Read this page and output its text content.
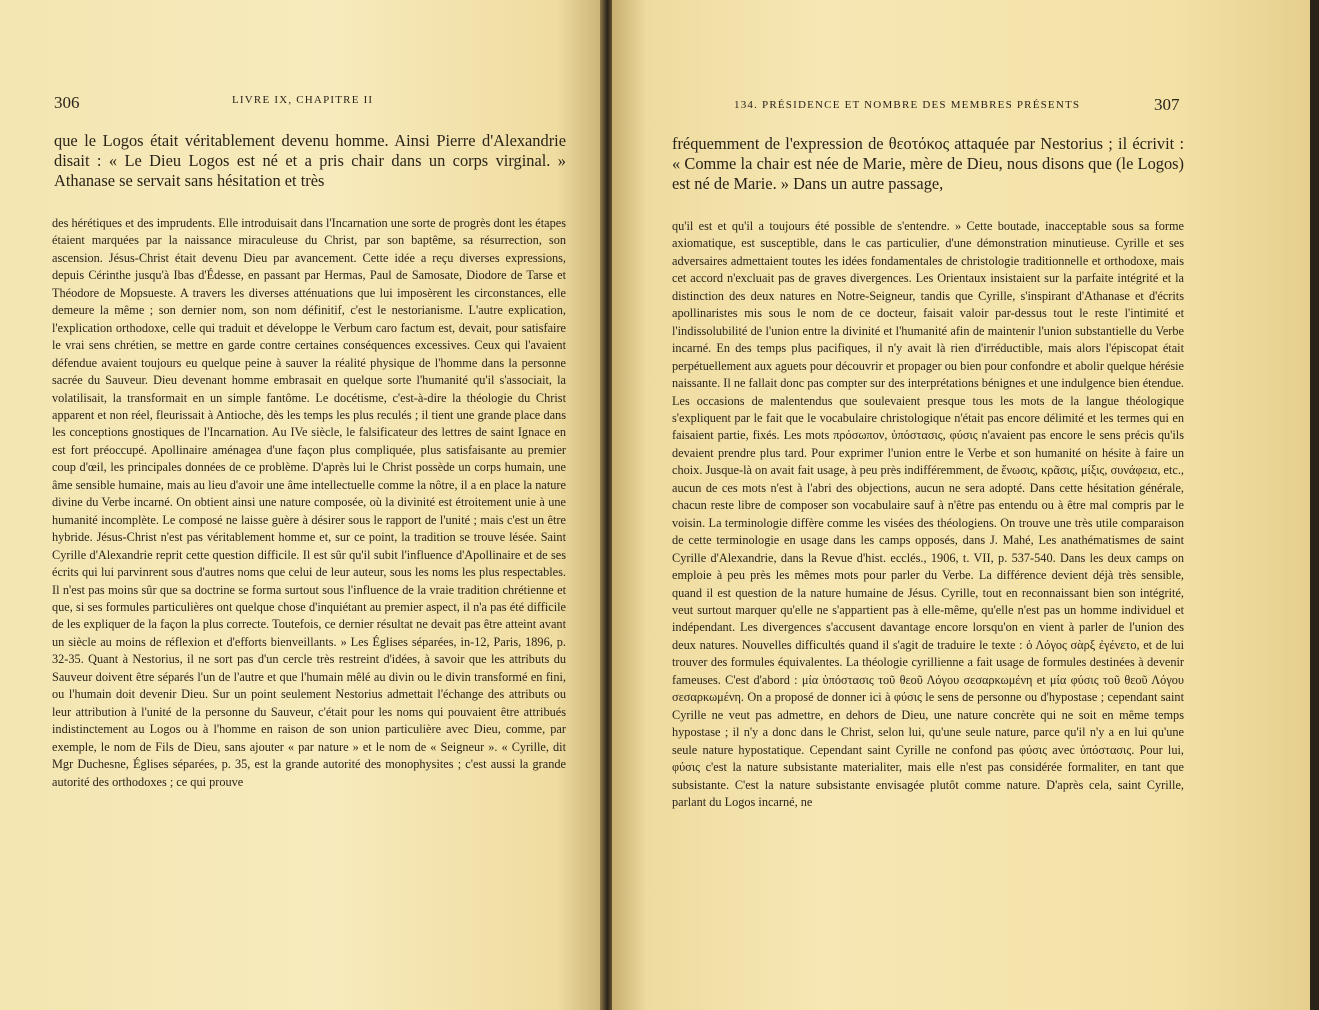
306	LIVRE IX, CHAPITRE II

que le Logos était véritablement devenu homme. Ainsi Pierre d'Alexandrie disait : « Le Dieu Logos est né et a pris chair dans un corps virginal. » Athanase se servait sans hésitation et très

des hérétiques et des imprudents. Elle introduisait dans l'Incarnation une sorte de progrès dont les étapes étaient marquées par la naissance miraculeuse du Christ, par son baptême, sa résurrection, son ascension. Jésus-Christ était devenu Dieu par avancement. Cette idée a reçu diverses expressions, depuis Cérinthe jusqu'à Ibas d'Édesse, en passant par Hermas, Paul de Samosate, Diodore de Tarse et Théodore de Mopsueste. A travers les diverses atténuations que lui imposèrent les circonstances, elle demeure la même ; son dernier nom, son nom définitif, c'est le nestorianisme. L'autre explication, l'explication orthodoxe, celle qui traduit et développe le Verbum caro factum est, devait, pour satisfaire le vrai sens chrétien, se mettre en garde contre certaines conséquences excessives. Ceux qui l'avaient défendue avaient toujours eu quelque peine à sauver la réalité physique de l'homme dans la personne sacrée du Sauveur. Dieu devenant homme embrasait en quelque sorte l'humanité qu'il s'associait, la volatilisait, la transformait en un simple fantôme. Le docétisme, c'est-à-dire la théologie du Christ apparent et non réel, fleurissait à Antioche, dès les temps les plus reculés ; il tient une grande place dans les conceptions gnostiques de l'Incarnation. Au IVe siècle, le falsificateur des lettres de saint Ignace en est fort préoccupé. Apollinaire aménagea d'une façon plus compliquée, plus satisfaisante au premier coup d'œil, les principales données de ce problème. D'après lui le Christ possède un corps humain, une âme sensible humaine, mais au lieu d'avoir une âme intellectuelle comme la nôtre, il a en place la nature divine du Verbe incarné. On obtient ainsi une nature composée, où la divinité est étroitement unie à une humanité incomplète. Le composé ne laisse guère à désirer sous le rapport de l'unité ; mais c'est un être hybride. Jésus-Christ n'est pas véritablement homme et, sur ce point, la tradition se trouve lésée. Saint Cyrille d'Alexandrie reprit cette question difficile. Il est sûr qu'il subit l'influence d'Apollinaire et de ses écrits qui lui parvinrent sous d'autres noms que celui de leur auteur, sous les noms les plus respectables. Il n'est pas moins sûr que sa doctrine se forma surtout sous l'influence de la vraie tradition chrétienne et que, si ses formules particulières ont quelque chose d'inquiétant au premier aspect, il n'a pas été difficile de les expliquer de la façon la plus correcte. Toutefois, ce dernier résultat ne devait pas être atteint avant un siècle au moins de réflexion et d'efforts bienveillants. » Les Églises séparées, in-12, Paris, 1896, p. 32-35. Quant à Nestorius, il ne sort pas d'un cercle très restreint d'idées, à savoir que les attributs du Sauveur doivent être séparés l'un de l'autre et que l'humain mêlé au divin ou le divin transformé en fini, ou l'humain doit devenir Dieu. Sur un point seulement Nestorius admettait l'échange des attributs ou leur attribution à l'unité de la personne du Sauveur, c'était pour les noms qui pouvaient être attribués indistinctement au Logos ou à l'homme en raison de son union particulière avec Dieu, comme, par exemple, le nom de Fils de Dieu, sans ajouter « par nature » et le nom de « Seigneur ». « Cyrille, dit Mgr Duchesne, Églises séparées, p. 35, est la grande autorité des monophysites ; c'est aussi la grande autorité des orthodoxes ; ce qui prouve

134. PRÉSIDENCE ET NOMBRE DES MEMBRES PRÉSENTS	307

fréquemment de l'expression de θεοτόκος attaquée par Nestorius ; il écrivit : « Comme la chair est née de Marie, mère de Dieu, nous disons que (le Logos) est né de Marie. » Dans un autre passage,

qu'il est et qu'il a toujours été possible de s'entendre. » Cette boutade, inacceptable sous sa forme axiomatique, est susceptible, dans le cas particulier, d'une démonstration minutieuse. Cyrille et ses adversaires admettaient toutes les idées fondamentales de christologie traditionnelle et orthodoxe, mais cet accord n'excluait pas de graves divergences. Les Orientaux insistaient sur la parfaite intégrité et la distinction des deux natures en Notre-Seigneur, tandis que Cyrille, s'inspirant d'Athanase et d'écrits apollinaristes mis sous le nom de ce docteur, faisait valoir par-dessus tout le reste l'intimité et l'indissolubilité de l'union entre la divinité et l'humanité afin de maintenir l'union substantielle du Verbe incarné. En des temps plus pacifiques, il n'y avait là rien d'irréductible, mais alors l'épiscopat était perpétuellement aux aguets pour découvrir et propager ou bien pour confondre et abolir quelque hérésie naissante. Il ne fallait donc pas compter sur des interprétations bénignes et une indulgence bien étendue. Les occasions de malentendus que soulevaient presque tous les mots de la langue théologique s'expliquent par le fait que le vocabulaire christologique n'était pas encore délimité et les termes qui en faisaient partie, fixés. Les mots πρόσωπον, ὑπόστασις, φύσις n'avaient pas encore le sens précis qu'ils devaient prendre plus tard. Pour exprimer l'union entre le Verbe et son humanité on hésite à faire un choix. Jusque-là on avait fait usage, à peu près indifféremment, de ἕνωσις, κρᾶσις, μίξις, συνάφεια, etc., aucun de ces mots n'est à l'abri des objections, aucun ne sera adopté. Dans cette hésitation générale, chacun reste libre de composer son vocabulaire sauf à n'être pas entendu ou à être mal compris par le voisin. La terminologie diffère comme les visées des théologiens. On trouve une très utile comparaison de cette terminologie en usage dans les camps opposés, dans J. Mahé, Les anathématismes de saint Cyrille d'Alexandrie, dans la Revue d'hist. ecclés., 1906, t. VII, p. 537-540. Dans les deux camps on emploie à peu près les mêmes mots pour parler du Verbe. La différence devient déjà très sensible, quand il est question de la nature humaine de Jésus. Cyrille, tout en reconnaissant bien son intégrité, veut surtout marquer qu'elle ne s'appartient pas à elle-même, qu'elle n'est pas un homme individuel et indépendant. Les divergences s'accusent davantage encore lorsqu'on en vient à parler de l'union des deux natures. Nouvelles difficultés quand il s'agit de traduire le texte : ὁ Λόγος σὰρξ ἐγένετο, et de lui trouver des formules équivalentes. La théologie cyrillienne a fait usage de formules destinées à devenir fameuses. C'est d'abord : μία ὑπόστασις τοῦ θεοῦ Λόγου σεσαρκωμένη et μία φύσις τοῦ θεοῦ Λόγου σεσαρκωμένη. On a proposé de donner ici à φύσις le sens de personne ou d'hypostase ; cependant saint Cyrille ne veut pas admettre, en dehors de Dieu, une nature concrète qui ne soit en même temps hypostase ; il n'y a donc dans le Christ, selon lui, qu'une seule nature, parce qu'il n'y a en lui qu'une seule nature hypostatique. Cependant saint Cyrille ne confond pas φύσις avec ὑπόστασις. Pour lui, φύσις c'est la nature subsistante materialiter, mais elle n'est pas considérée formaliter, en tant que subsistante. C'est la nature subsistante envisagée plutôt comme nature. D'après cela, saint Cyrille, parlant du Logos incarné, ne
